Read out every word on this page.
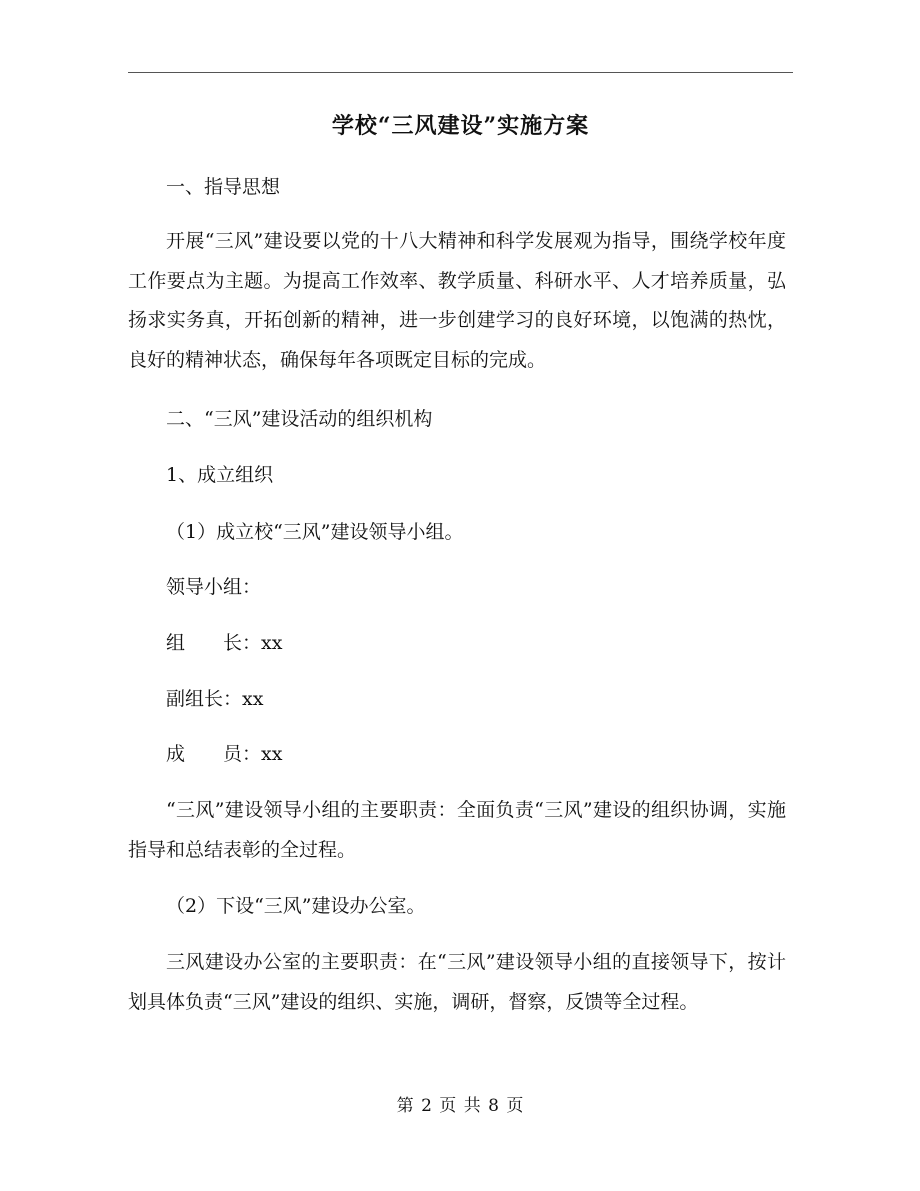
学校“三风建设”实施方案

一、指导思想

开展“三风”建设要以党的十八大精神和科学发展观为指导，围绕学校年度工作要点为主题。为提高工作效率、教学质量、科研水平、人才培养质量，弘扬求实务真，开拓创新的精神，进一步创建学习的良好环境，以饱满的热忱，良好的精神状态，确保每年各项既定目标的完成。

二、“三风”建设活动的组织机构

1、成立组织

（1）成立校“三风”建设领导小组。

领导小组：

组　　长：xx

副组长：xx

成　　员：xx

“三风”建设领导小组的主要职责：全面负责“三风”建设的组织协调，实施指导和总结表彰的全过程。

（2）下设“三风”建设办公室。

三风建设办公室的主要职责：在“三风”建设领导小组的直接领导下，按计划具体负责“三风”建设的组织、实施，调研，督察，反馈等全过程。

第 2 页 共 8 页
